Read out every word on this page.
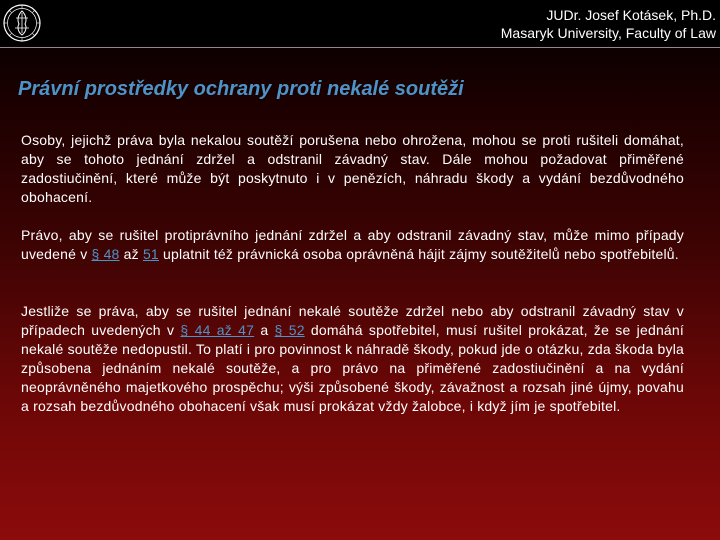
JUDr. Josef Kotásek, Ph.D.
Masaryk University, Faculty of Law
Právní prostředky ochrany proti nekalé soutěži

Osoby, jejichž práva byla nekalou soutěží porušena nebo ohrožena, mohou se proti rušiteli domáhat, aby se tohoto jednání zdržel a odstranil závadný stav. Dále mohou požadovat přiměřené zadostiučinění, které může být poskytnuto i v penězích, náhradu škody a vydání bezdůvodného obohacení.

Právo, aby se rušitel protiprávního jednání zdržel a aby odstranil závadný stav, může mimo případy uvedené v § 48 až 51 uplatnit též právnická osoba oprávněná hájit zájmy soutěžitelů nebo spotřebitelů.

Jestliže se práva, aby se rušitel jednání nekalé soutěže zdržel nebo aby odstranil závadný stav v případech uvedených v § 44 až 47 a § 52 domáhá spotřebitel, musí rušitel prokázat, že se jednání nekalé soutěže nedopustil. To platí i pro povinnost k náhradě škody, pokud jde o otázku, zda škoda byla způsobena jednáním nekalé soutěže, a pro právo na přiměřené zadostiučinění a na vydání neoprávněného majetkového prospěchu; výši způsobené škody, závažnost a rozsah jiné újmy, povahu a rozsah bezdůvodného obohacení však musí prokázat vždy žalobce, i když jím je spotřebitel.
